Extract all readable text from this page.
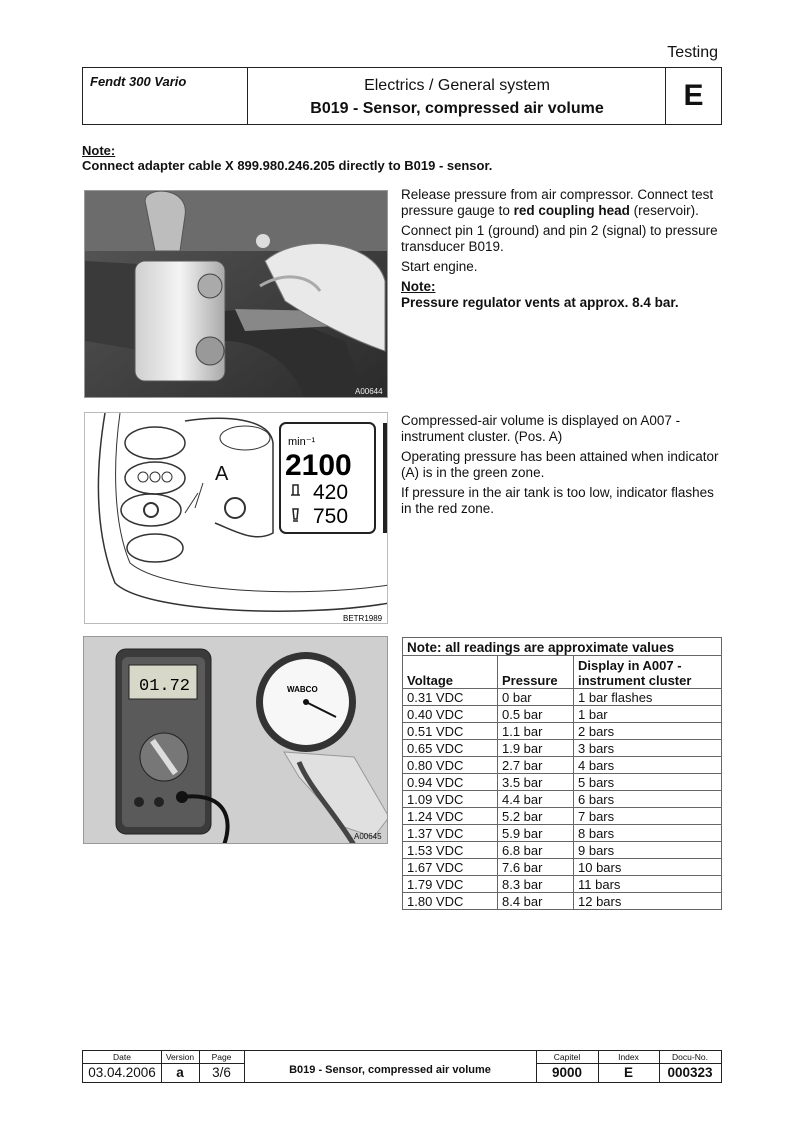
Testing
Fendt 300 Vario	Electrics / General system
B019 - Sensor, compressed air volume	E
Note:
Connect adapter cable X 899.980.246.205 directly to B019 - sensor.
A00644

Release pressure from air compressor. Connect test pressure gauge to red coupling head (reservoir).

Connect pin 1 (ground) and pin 2 (signal) to pressure transducer B019.

Start engine.

Note:

Pressure regulator vents at approx. 8.4 bar.

A
min⁻¹
2100
420
750
BETR1989

Compressed-air volume is displayed on A007 - instrument cluster. (Pos. A)

Operating pressure has been attained when indicator (A) is in the green zone.

If pressure in the air tank is too low, indicator flashes in the red zone.

01.72	WABCO
A00645
Note: all readings are approximate values		
Voltage	Pressure	Display in A007 - instrument cluster
0.31 VDC	0 bar	1 bar flashes
0.40 VDC	0.5 bar	1 bar
0.51 VDC	1.1 bar	2 bars
0.65 VDC	1.9 bar	3 bars
0.80 VDC	2.7 bar	4 bars
0.94 VDC	3.5 bar	5 bars
1.09 VDC	4.4 bar	6 bars
1.24 VDC	5.2 bar	7 bars
1.37 VDC	5.9 bar	8 bars
1.53 VDC	6.8 bar	9 bars
1.67 VDC	7.6 bar	10 bars
1.79 VDC	8.3 bar	11 bars
1.80 VDC	8.4 bar	12 bars
Date
03.04.2006
Version
a
Page
3/6	B019 - Sensor, compressed air volume
Capitel
9000
Index
E
Docu-No.
000323
